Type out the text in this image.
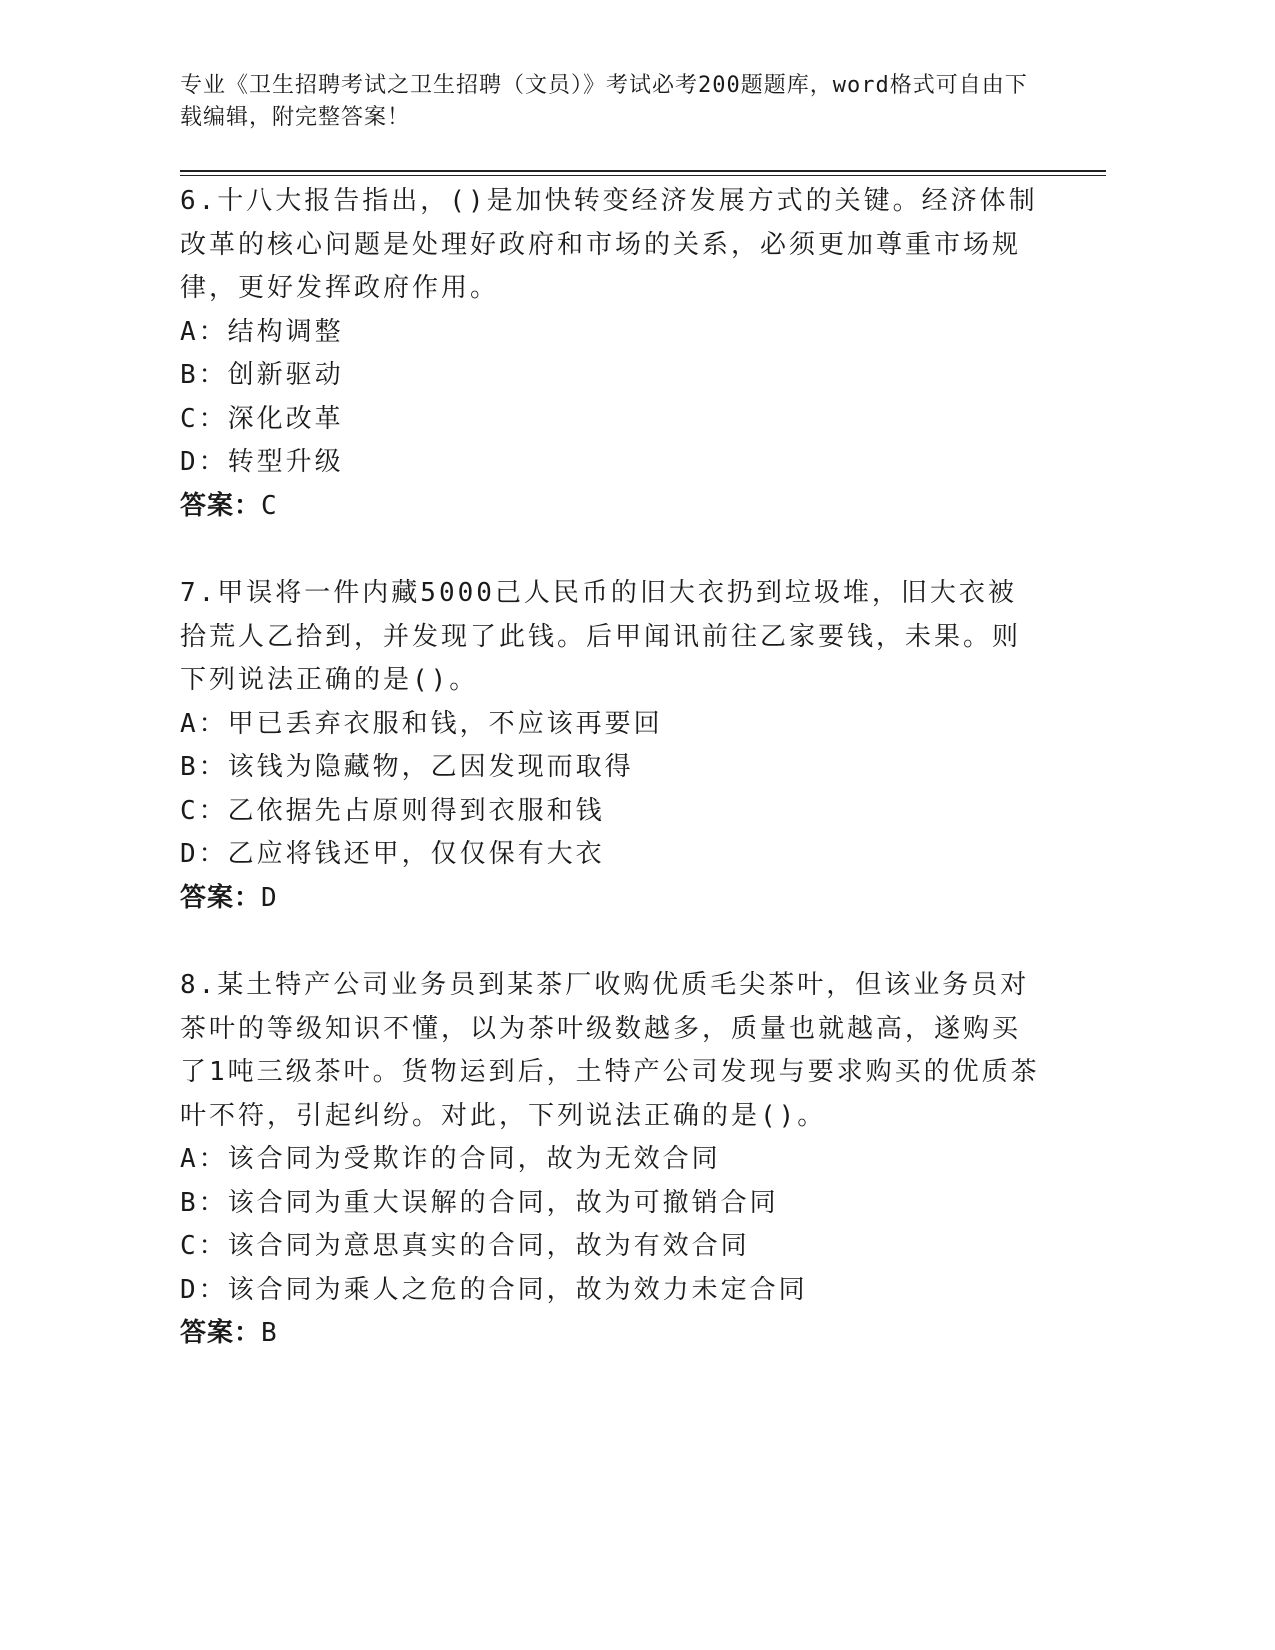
专业《卫生招聘考试之卫生招聘（文员）》考试必考200题题库，word格式可自由下载编辑，附完整答案！

6.十八大报告指出，()是加快转变经济发展方式的关键。经济体制改革的核心问题是处理好政府和市场的关系，必须更加尊重市场规律，更好发挥政府作用。

A：结构调整

B：创新驱动

C：深化改革

D：转型升级

答案：C

7.甲误将一件内藏5000己人民币的旧大衣扔到垃圾堆，旧大衣被拾荒人乙拾到，并发现了此钱。后甲闻讯前往乙家要钱，未果。则下列说法正确的是()。

A：甲已丢弃衣服和钱，不应该再要回

B：该钱为隐藏物，乙因发现而取得

C：乙依据先占原则得到衣服和钱

D：乙应将钱还甲，仅仅保有大衣

答案：D

8.某土特产公司业务员到某茶厂收购优质毛尖茶叶，但该业务员对茶叶的等级知识不懂，以为茶叶级数越多，质量也就越高，遂购买了1吨三级茶叶。货物运到后，土特产公司发现与要求购买的优质茶叶不符，引起纠纷。对此，下列说法正确的是()。

A：该合同为受欺诈的合同，故为无效合同

B：该合同为重大误解的合同，故为可撤销合同

C：该合同为意思真实的合同，故为有效合同

D：该合同为乘人之危的合同，故为效力未定合同

答案：B
